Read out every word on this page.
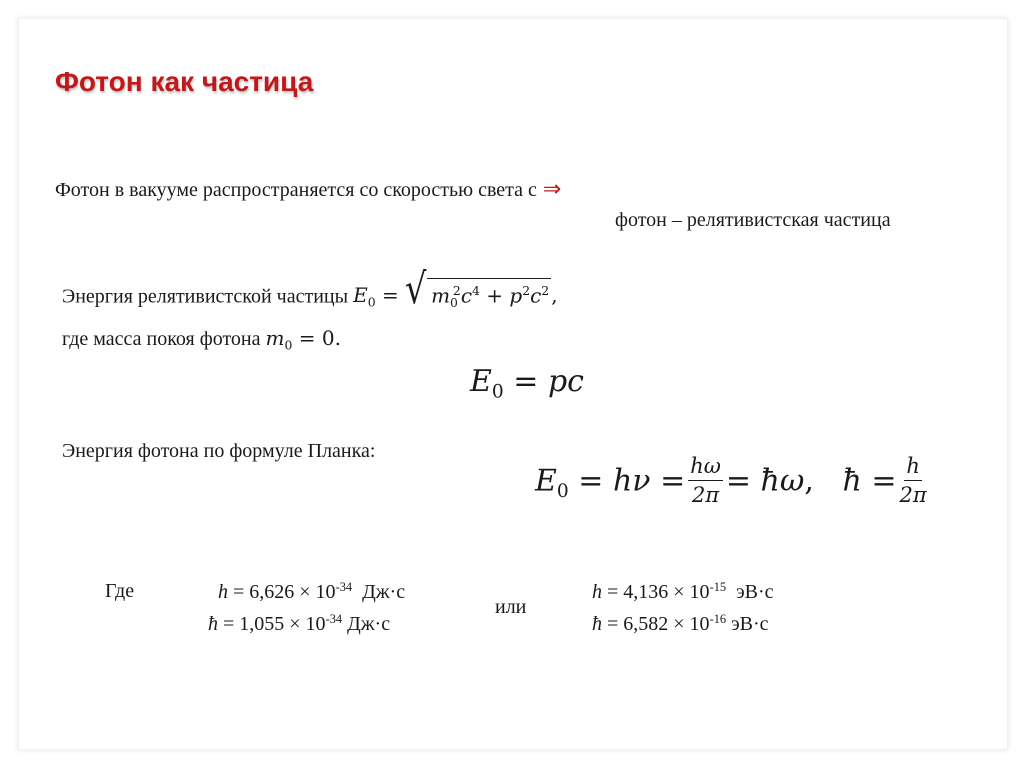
Фотон как частица
Фотон в вакууме распространяется со скоростью света с ⇒
фотон – релятивистская частица
Энергия релятивистской частицы $E_0$ = √ $m_0^2c^4 + p^2c^2$ ,
где масса покоя фотона $m_0 = 0$.
$E_0$ = pc
Энергия фотона по формуле Планка:
$E_0 = h\nu = \frac{h\omega}{2\pi}$ = ħω,   ħ = $\frac{h}{2\pi}$
Где	$h = 6,626 \times 10^{-34}$ Дж·с
ħ = $1,055 \times 10^{-34}$ Дж·с
или
$h = 4,136 \times 10^{-15}$ эВ·с
ħ = $6,582 \times 10^{-16}$ эВ·с
